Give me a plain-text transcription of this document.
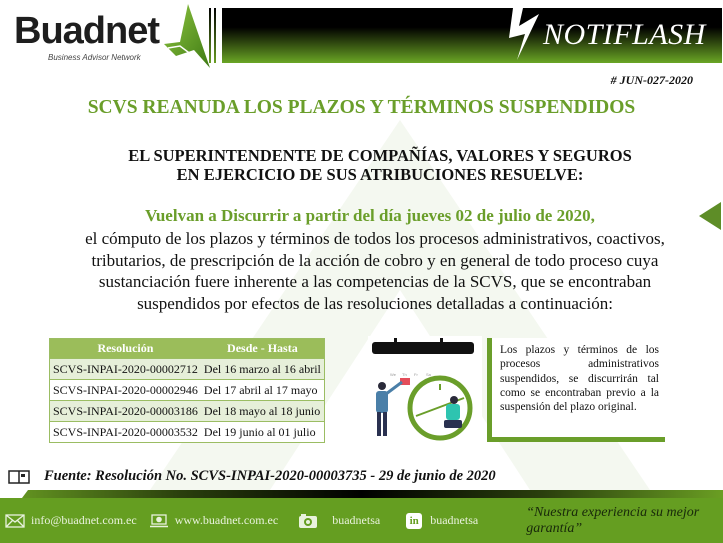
Buadnet
Business Advisor Network
NOTIFLASH
# JUN-027-2020
SCVS REANUDA LOS PLAZOS Y TÉRMINOS SUSPENDIDOS
EL SUPERINTENDENTE DE COMPAÑÍAS, VALORES Y SEGUROS
EN EJERCICIO DE SUS ATRIBUCIONES RESUELVE:
Vuelvan a Discurrir a partir del día jueves 02 de julio de 2020,
el cómputo de los plazos y términos de todos los procesos administrativos, coactivos,
tributarios, de prescripción de la acción de cobro y en general de todo proceso cuya
sustanciación fuere inherente a las competencias de la SCVS, que se encontraban
suspendidos por efectos de las resoluciones detalladas a continuación:
Resolución	Desde - Hasta
SCVS-INPAI-2020-00002712	Del 16 marzo al 16 abril
SCVS-INPAI-2020-00002946	Del 17 abril al 17 mayo
SCVS-INPAI-2020-00003186	Del 18 mayo al 18 junio
SCVS-INPAI-2020-00003532	Del 19 junio al 01 julio
We Th Fr Sa
Los plazos y términos de los procesos administrativos suspendidos, se discurrirán tal como se encontraban previo a la suspensión del plazo original.
Fuente: Resolución No. SCVS-INPAI-2020-00003735 - 29 de junio de 2020
info@buadnet.com.ec	www.buadnet.com.ec	buadnetsa	in buadnetsa
“Nuestra experiencia su mejor garantía”
